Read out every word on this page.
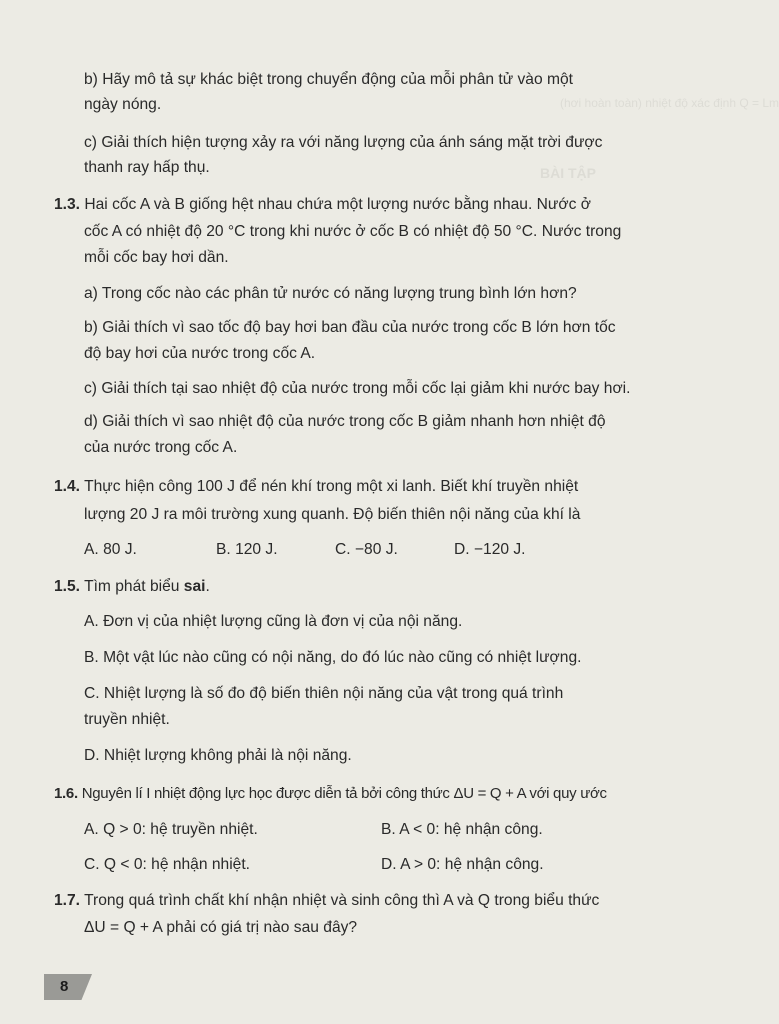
(hơi hoàn toàn) nhiệt độ xác định Q = Lm
BÀI TẬP
b) Hãy mô tả sự khác biệt trong chuyển động của mỗi phân tử vào một
ngày nóng.
c) Giải thích hiện tượng xảy ra với năng lượng của ánh sáng mặt trời được
thanh ray hấp thụ.
1.3. Hai cốc A và B giống hệt nhau chứa một lượng nước bằng nhau. Nước ở
cốc A có nhiệt độ 20 °C trong khi nước ở cốc B có nhiệt độ 50 °C. Nước trong
mỗi cốc bay hơi dần.
a) Trong cốc nào các phân tử nước có năng lượng trung bình lớn hơn?
b) Giải thích vì sao tốc độ bay hơi ban đầu của nước trong cốc B lớn hơn tốc
độ bay hơi của nước trong cốc A.
c) Giải thích tại sao nhiệt độ của nước trong mỗi cốc lại giảm khi nước bay hơi.
d) Giải thích vì sao nhiệt độ của nước trong cốc B giảm nhanh hơn nhiệt độ
của nước trong cốc A.
1.4. Thực hiện công 100 J để nén khí trong một xi lanh. Biết khí truyền nhiệt
lượng 20 J ra môi trường xung quanh. Độ biến thiên nội năng của khí là
A. 80 J.	B. 120 J.	C. −80 J.	D. −120 J.
1.5. Tìm phát biểu sai.
A. Đơn vị của nhiệt lượng cũng là đơn vị của nội năng.
B. Một vật lúc nào cũng có nội năng, do đó lúc nào cũng có nhiệt lượng.
C. Nhiệt lượng là số đo độ biến thiên nội năng của vật trong quá trình
truyền nhiệt.
D. Nhiệt lượng không phải là nội năng.
1.6. Nguyên lí I nhiệt động lực học được diễn tả bởi công thức ΔU = Q + A với quy ước
A. Q > 0: hệ truyền nhiệt.	B. A < 0: hệ nhận công.
C. Q < 0: hệ nhận nhiệt.	D. A > 0: hệ nhận công.
1.7. Trong quá trình chất khí nhận nhiệt và sinh công thì A và Q trong biểu thức
ΔU = Q + A phải có giá trị nào sau đây?
8
